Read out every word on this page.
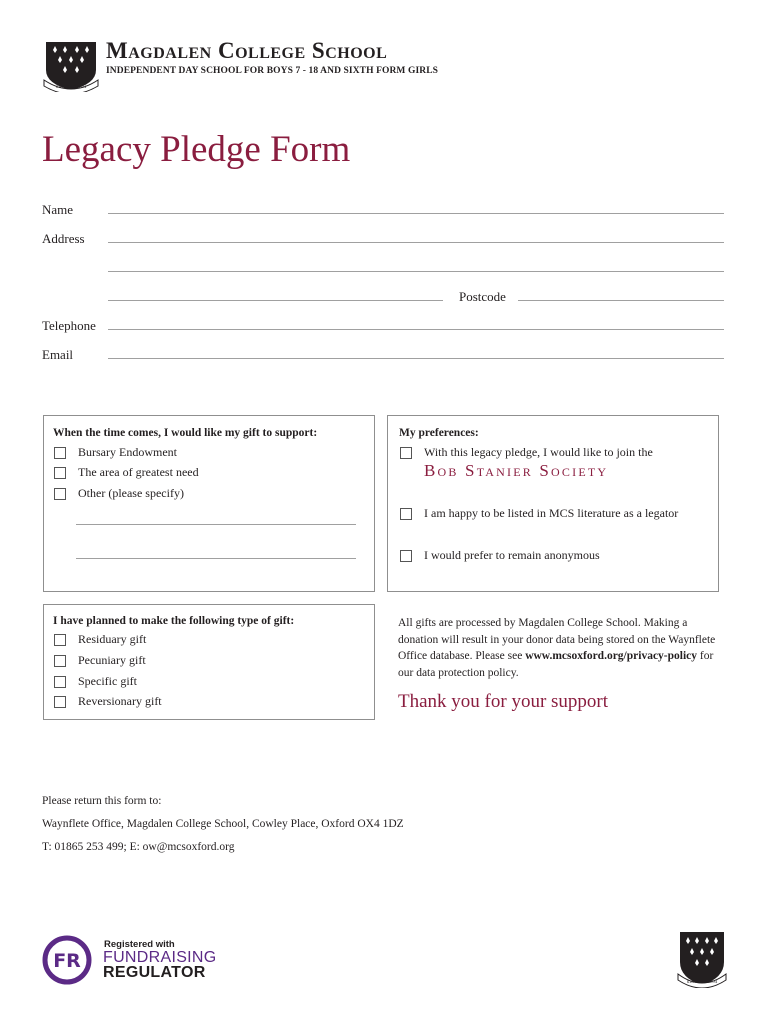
SICUT LILIUM
Magdalen College School
INDEPENDENT DAY SCHOOL FOR BOYS 7 - 18 AND SIXTH FORM GIRLS
Legacy Pledge Form
Name
Address
Postcode
Telephone
Email
When the time comes, I would like my gift to support:
Bursary Endowment
The area of greatest need
Other (please specify)
My preferences:
With this legacy pledge, I would like to join the
Bob Stanier Society
I am happy to be listed in MCS literature as a legator
I would prefer to remain anonymous
I have planned to make the following type of gift:
Residuary gift
Pecuniary gift
Specific gift
Reversionary gift
All gifts are processed by Magdalen College School. Making a donation will result in your donor data being stored on the Waynflete Office database. Please see www.mcsoxford.org/privacy-policy for our data protection policy.
Thank you for your support
Please return this form to:
Waynflete Office, Magdalen College School, Cowley Place, Oxford OX4 1DZ
T: 01865 253 499; E: ow@mcsoxford.org
FR
Registered with
FUNDRAISING
REGULATOR
SICUT LILIUM
